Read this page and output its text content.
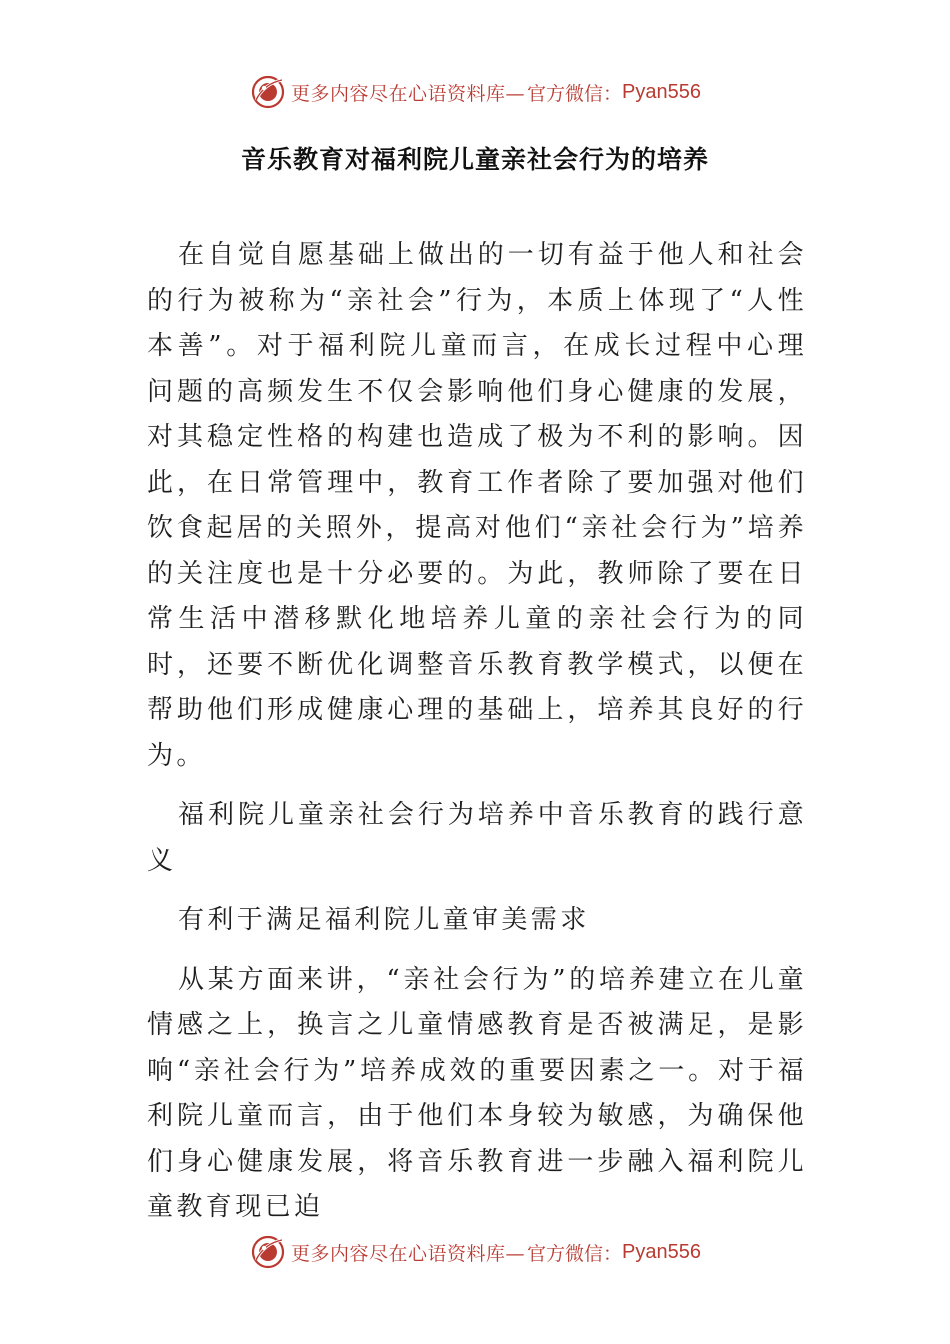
更多内容尽在心语资料库— 官方微信： Pyan556
音乐教育对福利院儿童亲社会行为的培养

在自觉自愿基础上做出的一切有益于他人和社会的行为被称为“亲社会”行为，本质上体现了“人性本善”。对于福利院儿童而言，在成长过程中心理问题的高频发生不仅会影响他们身心健康的发展，对其稳定性格的构建也造成了极为不利的影响。因此，在日常管理中，教育工作者除了要加强对他们饮食起居的关照外，提高对他们“亲社会行为”培养的关注度也是十分必要的。为此，教师除了要在日常生活中潜移默化地培养儿童的亲社会行为的同时，还要不断优化调整音乐教育教学模式，以便在帮助他们形成健康心理的基础上，培养其良好的行为。

福利院儿童亲社会行为培养中音乐教育的践行意义

有利于满足福利院儿童审美需求

从某方面来讲，“亲社会行为”的培养建立在儿童情感之上，换言之儿童情感教育是否被满足，是影响“亲社会行为”培养成效的重要因素之一。对于福利院儿童而言，由于他们本身较为敏感，为确保他们身心健康发展，将音乐教育进一步融入福利院儿童教育现已迫

更多内容尽在心语资料库— 官方微信： Pyan556
